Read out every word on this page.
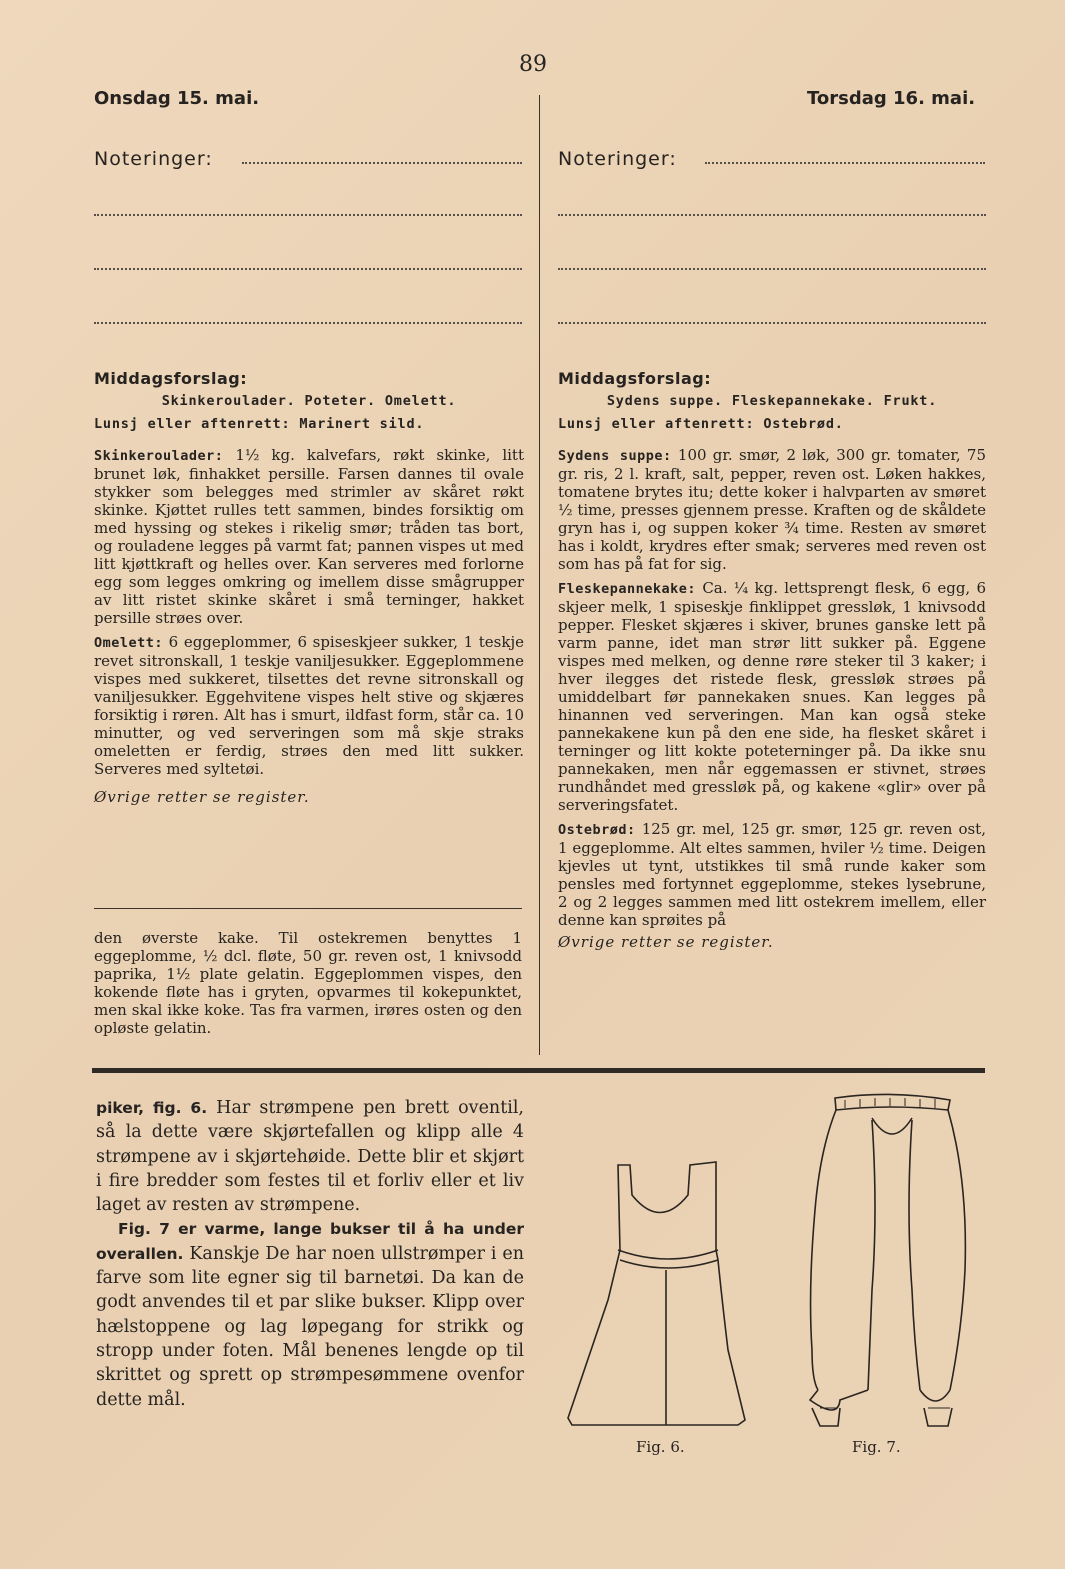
89
Onsdag 15. mai.	Torsdag 16. mai.
Noteringer:	Noteringer:
Middagsforslag:
Skinkeroulader. Poteter. Omelett.
Lunsj eller aftenrett: Marinert sild.

Skinkeroulader: 1½ kg. kalvefars, røkt skinke, litt brunet løk, finhakket persille. Farsen dannes til ovale stykker som belegges med strimler av skåret røkt skinke. Kjøttet rulles tett sammen, bindes forsiktig om med hyssing og stekes i rikelig smør; tråden tas bort, og rouladene legges på varmt fat; pannen vispes ut med litt kjøttkraft og helles over. Kan serveres med forlorne egg som legges omkring og imellem disse smågrupper av litt ristet skinke skåret i små terninger, hakket persille strøes over.

Omelett: 6 eggeplommer, 6 spiseskjeer sukker, 1 teskje revet sitronskall, 1 teskje vaniljesukker. Eggeplommene vispes med sukkeret, tilsettes det revne sitronskall og vaniljesukker. Eggehvitene vispes helt stive og skjæres forsiktig i røren. Alt has i smurt, ildfast form, står ca. 10 minutter, og ved serveringen som må skje straks omeletten er ferdig, strøes den med litt sukker. Serveres med syltetøi.

Øvrige retter se register.

den øverste kake. Til ostekremen benyttes 1 eggeplomme, ½ dcl. fløte, 50 gr. reven ost, 1 knivsodd paprika, 1½ plate gelatin. Eggeplommen vispes, den kokende fløte has i gryten, opvarmes til kokepunktet, men skal ikke koke. Tas fra varmen, irøres osten og den opløste gelatin.

Middagsforslag:
Sydens suppe. Fleskepannekake. Frukt.
Lunsj eller aftenrett: Ostebrød.

Sydens suppe: 100 gr. smør, 2 løk, 300 gr. tomater, 75 gr. ris, 2 l. kraft, salt, pepper, reven ost. Løken hakkes, tomatene brytes itu; dette koker i halvparten av smøret ½ time, presses gjennem presse. Kraften og de skåldete gryn has i, og suppen koker ¾ time. Resten av smøret has i koldt, krydres efter smak; serveres med reven ost som has på fat for sig.

Fleskepannekake: Ca. ¼ kg. lettsprengt flesk, 6 egg, 6 skjeer melk, 1 spiseskje finklippet gressløk, 1 knivsodd pepper. Flesket skjæres i skiver, brunes ganske lett på varm panne, idet man strør litt sukker på. Eggene vispes med melken, og denne røre steker til 3 kaker; i hver ilegges det ristede flesk, gressløk strøes på umiddelbart før pannekaken snues. Kan legges på hinannen ved serveringen. Man kan også steke pannekakene kun på den ene side, ha flesket skåret i terninger og litt kokte poteterninger på. Da ikke snu pannekaken, men når eggemassen er stivnet, strøes rundhåndet med gressløk på, og kakene «glir» over på serveringsfatet.

Ostebrød: 125 gr. mel, 125 gr. smør, 125 gr. reven ost, 1 eggeplomme. Alt eltes sammen, hviler ½ time. Deigen kjevles ut tynt, utstikkes til små runde kaker som pensles med fortynnet eggeplomme, stekes lysebrune, 2 og 2 legges sammen med litt ostekrem imellem, eller denne kan sprøites på

Øvrige retter se register.

piker, fig. 6. Har strømpene pen brett oventil, så la dette være skjørtefallen og klipp alle 4 strømpene av i skjørtehøide. Dette blir et skjørt i fire bredder som festes til et forliv eller et liv laget av resten av strømpene.

Fig. 7 er varme, lange bukser til å ha under overallen. Kanskje De har noen ullstrømper i en farve som lite egner sig til barnetøi. Da kan de godt anvendes til et par slike bukser. Klipp over hælstoppene og lag løpegang for strikk og stropp under foten. Mål benenes lengde op til skrittet og sprett op strømpesømmene ovenfor dette mål.

Fig. 6.	Fig. 7.
